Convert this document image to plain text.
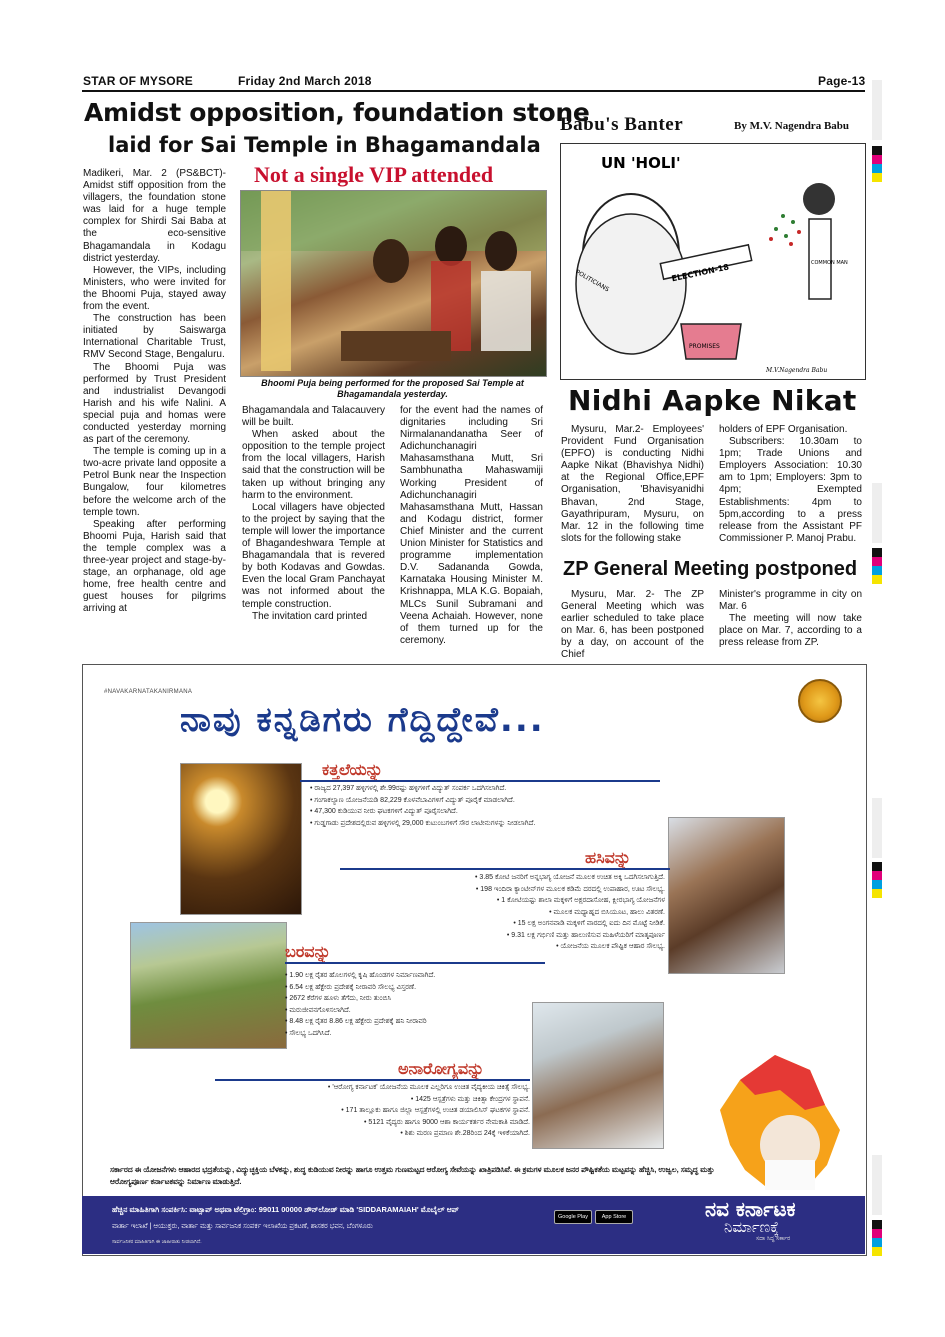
STAR OF MYSORE	Friday 2nd March 2018	Page-13
Amidst opposition, foundation stone
laid for Sai Temple in Bhagamandala
Not a single VIP attended

Madikeri, Mar. 2 (PS&BCT)- Amidst stiff opposition from the villagers, the foundation stone was laid for a huge temple complex for Shirdi Sai Baba at the eco-sensitive Bhagamandala in Kodagu district yesterday.

However, the VIPs, including Ministers, who were invited for the Bhoomi Puja, stayed away from the event.

The construction has been initiated by Saiswarga International Charitable Trust, RMV Second Stage, Bengaluru.

The Bhoomi Puja was performed by Trust President and industrialist Devangodi Harish and his wife Nalini. A special puja and homas were conducted yesterday morning as part of the ceremony.

The temple is coming up in a two-acre private land opposite a Petrol Bunk near the Inspection Bungalow, four kilometres before the welcome arch of the temple town.

Speaking after performing Bhoomi Puja, Harish said that the temple complex was a three-year project and stage-by-stage, an orphanage, old age home, free health centre and guest houses for pilgrims arriving at

Bhoomi Puja being performed for the proposed Sai Temple at Bhagamandala yesterday.

Bhagamandala and Talacauvery will be built.

When asked about the opposition to the temple project from the local villagers, Harish said that the construction will be taken up without bringing any harm to the environment.

Local villagers have objected to the project by saying that the temple will lower the importance of Bhagandeshwara Temple at Bhagamandala that is revered by both Kodavas and Gowdas. Even the local Gram Panchayat was not informed about the temple construction.

The invitation card printed

for the event had the names of dignitaries including Sri Nirmalanandanatha Seer of Adichunchanagiri Mahasamsthana Mutt, Sri Sambhunatha Mahaswamiji Working President of Adichunchanagiri Mahasamsthana Mutt, Hassan and Kodagu district, former Chief Minister and the current Union Minister for Statistics and programme implementation D.V. Sadananda Gowda, Karnataka Housing Minister M. Krishnappa, MLA K.G. Bopaiah, MLCs Sunil Subramani and Veena Achaiah. However, none of them turned up for the ceremony.

Babu's Banter	By M.V. Nagendra Babu
UN 'HOLI'
ELECTION-18
POLITICIANS
COMMON MAN
PROMISES
M.V.Nagendra Babu
Nidhi Aapke Nikat

Mysuru, Mar.2- Employees' Provident Fund Organisation (EPFO) is conducting Nidhi Aapke Nikat (Bhavishya Nidhi) at the Regional Office,EPF Organisation, 'Bhavisyanidhi Bhavan, 2nd Stage, Gayathripuram, Mysuru, on Mar. 12 in the following time slots for the following stake

holders of EPF Organisation.

Subscribers: 10.30am to 1pm; Trade Unions and Employers Association: 10.30 am to 1pm; Employers: 3pm to 4pm; Exempted Establishments: 4pm to 5pm,according to a press release from the Assistant PF Commissioner P. Manoj Prabu.

ZP General Meeting postponed

Mysuru, Mar. 2- The ZP General Meeting which was earlier scheduled to take place on Mar. 6, has been postponed by a day, on account of the Chief

Minister's programme in city on Mar. 6

The meeting will now take place on Mar. 7, according to a press release from ZP.

#NAVAKARNATAKANIRMANA
ನಾವು ಕನ್ನಡಿಗರು ಗೆದ್ದಿದ್ದೇವೆ...
ಕತ್ತಲೆಯನ್ನು
• ರಾಜ್ಯದ 27,397 ಹಳ್ಳಿಗಳಲ್ಲಿ ಶೇ.99ರಷ್ಟು ಹಳ್ಳಿಗಳಿಗೆ ವಿದ್ಯುತ್ ಸಂಪರ್ಕ ಒದಗಿಸಲಾಗಿದೆ.
• ಗಂಗಾಕಲ್ಯಾಣ ಯೋಜನೆಯಡಿ 82,229 ಕೊಳವೆಬಾವಿಗಳಿಗೆ ವಿದ್ಯುತ್ ಪೂರೈಕೆ ಮಾಡಲಾಗಿದೆ.
• 47,300 ಕುಡಿಯುವ ನೀರು ಘಟಕಗಳಿಗೆ ವಿದ್ಯುತ್ ಪೂರೈಸಲಾಗಿದೆ.
• ಗುಡ್ಡಗಾಡು ಪ್ರದೇಶದಲ್ಲಿರುವ ಹಳ್ಳಿಗಳಲ್ಲಿ 29,000 ಕುಟುಂಬಗಳಿಗೆ ಸೌರ ಲಾಟೀನುಗಳನ್ನು ನೀಡಲಾಗಿದೆ.
ಹಸಿವನ್ನು
• 3.85 ಕೋಟಿ ಜನರಿಗೆ ಅನ್ನಭಾಗ್ಯ ಯೋಜನೆ ಮೂಲಕ ಉಚಿತ ಅಕ್ಕಿ ಒದಗಿಸಲಾಗುತ್ತಿದೆ.
• 198 ಇಂದಿರಾ ಕ್ಯಾಂಟೀನ್‌ಗಳ ಮೂಲಕ ಕಡಿಮೆ ದರದಲ್ಲಿ ಉಪಾಹಾರ, ಊಟ ಸೌಲಭ್ಯ.
• 1 ಕೋಟಿಯಷ್ಟು ಶಾಲಾ ಮಕ್ಕಳಿಗೆ ಅಕ್ಷರದಾಸೋಹ, ಕ್ಷೀರಭಾಗ್ಯ ಯೋಜನೆಗಳ
• ಮೂಲಕ ಮಧ್ಯಾಹ್ನದ ಬಿಸಿಯೂಟ, ಹಾಲು ವಿತರಣೆ.
• 15 ಲಕ್ಷ ಅಂಗನವಾಡಿ ಮಕ್ಕಳಿಗೆ ವಾರದಲ್ಲಿ ಐದು ದಿನ ಮೊಟ್ಟೆ ನೀಡಿಕೆ.
• 9.31 ಲಕ್ಷ ಗರ್ಭಿಣಿ ಮತ್ತು ಹಾಲುಣಿಸುವ ಮಹಿಳೆಯರಿಗೆ ಮಾತೃಪೂರ್ಣ
• ಯೋಜನೆಯ ಮೂಲಕ ಪೌಷ್ಟಿಕ ಆಹಾರ ಸೌಲಭ್ಯ.
ಬರವನ್ನು
• 1.90 ಲಕ್ಷ ರೈತರ ಹೊಲಗಳಲ್ಲಿ ಕೃಷಿ ಹೊಂಡಗಳ ನಿರ್ಮಾಣವಾಗಿದೆ.
• 6.54 ಲಕ್ಷ ಹೆಕ್ಟೇರು ಪ್ರದೇಶಕ್ಕೆ ನೀರಾವರಿ ಸೌಲಭ್ಯ ವಿಸ್ತರಣೆ.
• 2672 ಕೆರೆಗಳ ಹೂಳು ತೆಗೆದು, ನೀರು ತುಂಬಿಸಿ
• ಮರುಜೀವನಗೊಳಿಸಲಾಗಿದೆ.
• 8.48 ಲಕ್ಷ ರೈತರ 8.86 ಲಕ್ಷ ಹೆಕ್ಟೇರು ಪ್ರದೇಶಕ್ಕೆ ಹನಿ ನೀರಾವರಿ
• ಸೌಲಭ್ಯ ಒದಗಿಸಿದೆ.
ಅನಾರೋಗ್ಯವನ್ನು
• 'ಆರೋಗ್ಯ ಕರ್ನಾಟಕ' ಯೋಜನೆಯ ಮೂಲಕ ಎಲ್ಲರಿಗೂ ಉಚಿತ ವೈದ್ಯಕೀಯ ಚಿಕಿತ್ಸೆ ಸೌಲಭ್ಯ.
• 1425 ಆಸ್ಪತ್ರೆಗಳು ಮತ್ತು ಚಿಕಿತ್ಸಾ ಕೇಂದ್ರಗಳ ಸ್ಥಾಪನೆ.
• 171 ತಾಲ್ಲೂಕು ಹಾಗೂ ಜಿಲ್ಲಾ ಆಸ್ಪತ್ರೆಗಳಲ್ಲಿ ಉಚಿತ ಡಯಾಲಿಸಿಸ್ ಘಟಕಗಳ ಸ್ಥಾಪನೆ.
• 5121 ವೈದ್ಯರು ಹಾಗೂ 9000 ಆಶಾ ಕಾರ್ಯಕರ್ತರ ನೇಮಕಾತಿ ಮಾಡಿದೆ.
• ಶಿಶು ಮರಣ ಪ್ರಮಾಣ ಶೇ.28ರಿಂದ 24ಕ್ಕೆ ಇಳಿಕೆಯಾಗಿದೆ.
ಸರ್ಕಾರದ ಈ ಯೋಜನೆಗಳು ಆಹಾರದ ಭದ್ರತೆಯನ್ನು, ವಿದ್ಯುಚ್ಛಕ್ತಿಯ ಬೆಳಕನ್ನು, ಶುದ್ಧ ಕುಡಿಯುವ ನೀರನ್ನು ಹಾಗೂ ಉತ್ತಮ ಗುಣಮಟ್ಟದ ಆರೋಗ್ಯ ಸೇವೆಯನ್ನು ಖಾತ್ರಿಪಡಿಸಿವೆ. ಈ ಕ್ರಮಗಳ ಮೂಲಕ ಜನರ ಪೌಷ್ಟಿಕತೆಯ ಮಟ್ಟವನ್ನು ಹೆಚ್ಚಿಸಿ, ಉಜ್ವಲ, ಸಮೃದ್ಧ ಮತ್ತು ಆರೋಗ್ಯಪೂರ್ಣ ಕರ್ನಾಟಕವನ್ನು ನಿರ್ಮಾಣ ಮಾಡುತ್ತಿದೆ.
ಹೆಚ್ಚಿನ ಮಾಹಿತಿಗಾಗಿ ಸಂಪರ್ಕಿಸಿ: ವಾಟ್ಸಾಪ್ ಅಥವಾ ಟೆಲಿಗ್ರಾಂ: 99011 00000 ಡೌನ್‌ಲೋಡ್ ಮಾಡಿ 'SIDDARAMAIAH' ಮೊಬೈಲ್ ಆಪ್
Google Play	App Store
ವಾರ್ತಾ ಇಲಾಖೆ | ಆಯುಕ್ತರು, ವಾರ್ತಾ ಮತ್ತು ಸಾರ್ವಜನಿಕ ಸಂಪರ್ಕ ಇಲಾಖೆಯ ಪ್ರಕಟಣೆ, ಶಾಸಕರ ಭವನ, ಬೆಂಗಳೂರು
ಸಾರ್ವಜನಿಕರ ಮಾಹಿತಿಗಾಗಿ ಈ ಜಾಹೀರಾತು ನೀಡಲಾಗಿದೆ.
ನವ ಕರ್ನಾಟಕ
ನಿರ್ಮಾಣಕ್ಕೆ
ಸದಾ ಸಿದ್ಧ ಸರ್ಕಾರ
